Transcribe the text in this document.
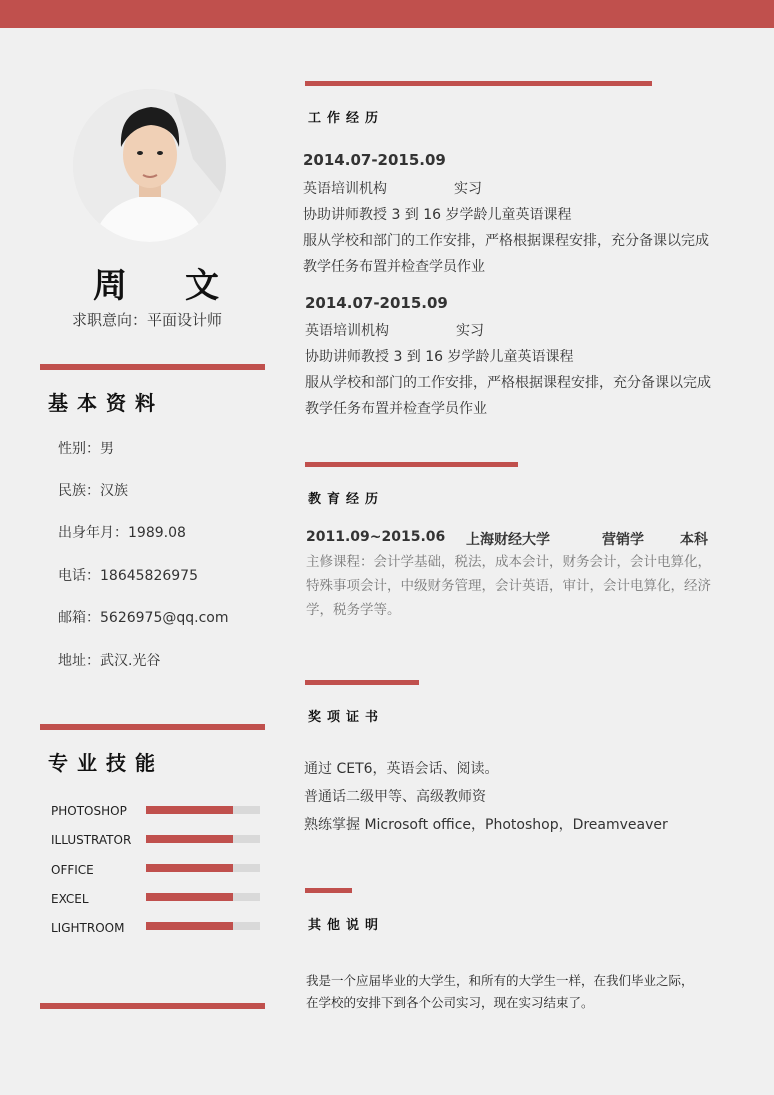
周 文
求职意向：平面设计师
基本资料
性别：男
民族：汉族
出身年月：1989.08
电话：18645826975
邮箱：5626975@qq.com
地址：武汉.光谷
专业技能
PHOTOSHOP
ILLUSTRATOR
OFFICE
EXCEL
LIGHTROOM
工作经历
2014.07-2015.09
英语培训机构	实习
协助讲师教授 3 到 16 岁学龄儿童英语课程
服从学校和部门的工作安排，严格根据课程安排，充分备课以完成
教学任务布置并检查学员作业
2014.07-2015.09
英语培训机构	实习
协助讲师教授 3 到 16 岁学龄儿童英语课程
服从学校和部门的工作安排，严格根据课程安排，充分备课以完成
教学任务布置并检查学员作业
教育经历
2011.09~2015.06 上海财经大学	营销学	本科
主修课程：会计学基础，税法，成本会计，财务会计，会计电算化，特殊事项会计，中级财务管理，会计英语，审计，会计电算化，经济学，税务学等。
奖项证书
通过 CET6，英语会话、阅读。
普通话二级甲等、高级教师资
熟练掌握 Microsoft office，Photoshop，Dreamveaver
其他说明
我是一个应届毕业的大学生，和所有的大学生一样，在我们毕业之际，
在学校的安排下到各个公司实习，现在实习结束了。
